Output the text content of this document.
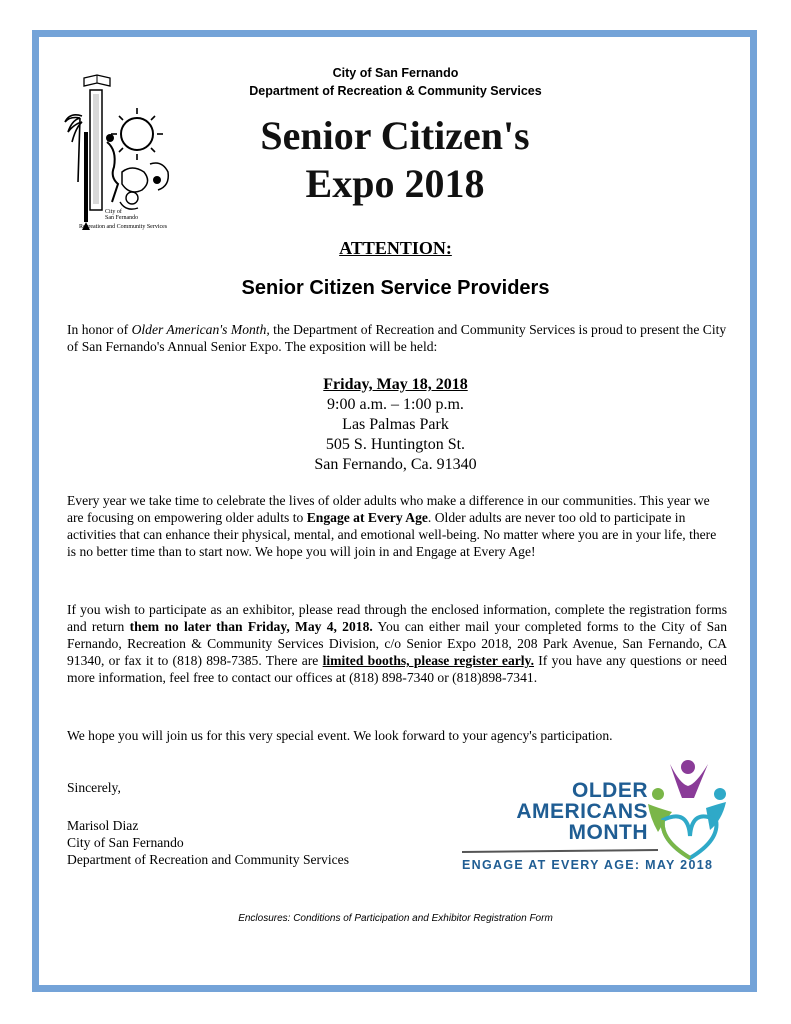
City of
San Fernando
Recreation and Community Services
City of San Fernando
Department of Recreation & Community Services
Senior Citizen's
Expo 2018
ATTENTION:
Senior Citizen Service Providers
In honor of Older American's Month, the Department of Recreation and Community Services is proud to present the City of San Fernando's Annual Senior Expo. The exposition will be held:
Friday, May 18, 2018
9:00 a.m. – 1:00 p.m.
Las Palmas Park
505 S. Huntington St.
San Fernando, Ca. 91340
Every year we take time to celebrate the lives of older adults who make a difference in our communities. This year we are focusing on empowering older adults to Engage at Every Age. Older adults are never too old to participate in activities that can enhance their physical, mental, and emotional well-being. No matter where you are in your life, there is no better time than to start now. We hope you will join in and Engage at Every Age!
If you wish to participate as an exhibitor, please read through the enclosed information, complete the registration forms and return them no later than Friday, May 4, 2018. You can either mail your completed forms to the City of San Fernando, Recreation & Community Services Division, c/o Senior Expo 2018, 208 Park Avenue, San Fernando, CA 91340, or fax it to (818) 898-7385. There are limited booths, please register early. If you have any questions or need more information, feel free to contact our offices at (818) 898-7340 or (818)898-7341.
We hope you will join us for this very special event. We look forward to your agency's participation.
Sincerely,
Marisol Diaz
City of San Fernando
Department of Recreation and Community Services
OLDER
AMERICANS
MONTH
ENGAGE AT EVERY AGE: MAY 2018
Enclosures: Conditions of Participation and Exhibitor Registration Form
